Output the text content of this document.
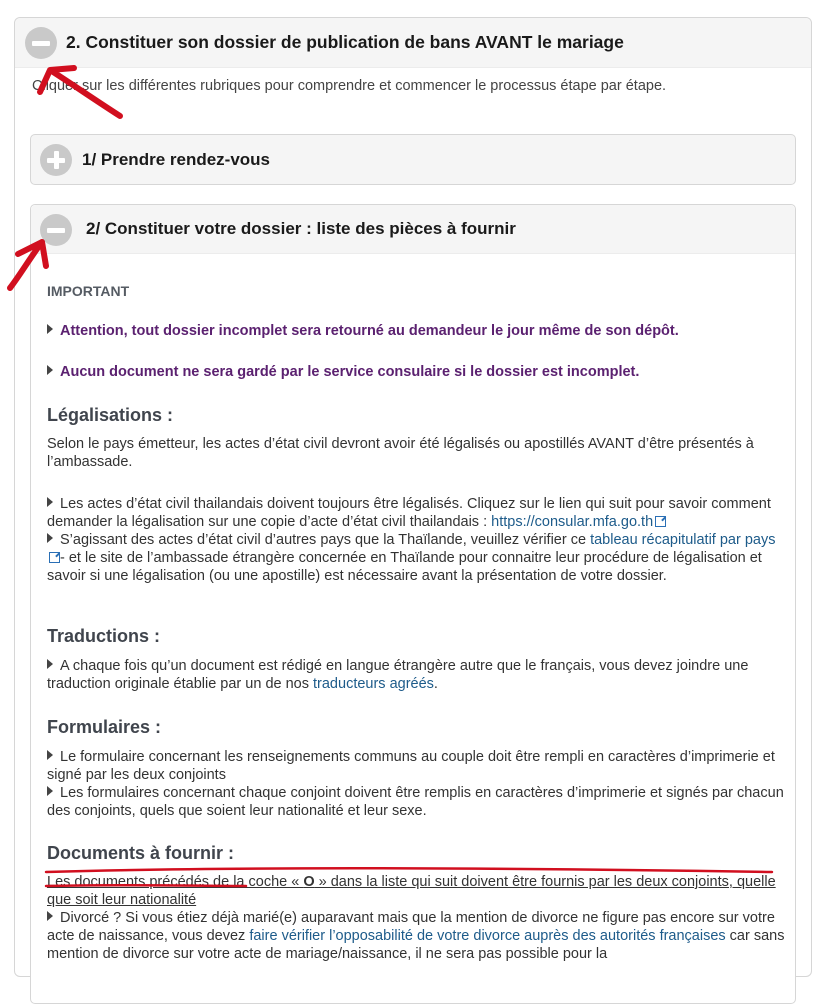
2. Constituer son dossier de publication de bans AVANT le mariage
Cliquer sur les différentes rubriques pour comprendre et commencer le processus étape par étape.
1/ Prendre rendez-vous
2/ Constituer votre dossier : liste des pièces à fournir
IMPORTANT
Attention, tout dossier incomplet sera retourné au demandeur le jour même de son dépôt.
Aucun document ne sera gardé par le service consulaire si le dossier est incomplet.
Légalisations :
Selon le pays émetteur, les actes d’état civil devront avoir été légalisés ou apostillés AVANT d’être présentés à l’ambassade.
Les actes d’état civil thailandais doivent toujours être légalisés. Cliquez sur le lien qui suit pour savoir comment demander la légalisation sur une copie d’acte d’état civil thailandais : https://consular.mfa.go.th
S’agissant des actes d’état civil d’autres pays que la Thaïlande, veuillez vérifier ce tableau récapitulatif par pays- et le site de l’ambassade étrangère concernée en Thaïlande pour connaitre leur procédure de légalisation et savoir si une légalisation (ou une apostille) est nécessaire avant la présentation de votre dossier.
Traductions :
A chaque fois qu’un document est rédigé en langue étrangère autre que le français, vous devez joindre une traduction originale établie par un de nos traducteurs agréés.
Formulaires :
Le formulaire concernant les renseignements communs au couple doit être rempli en caractères d’imprimerie et signé par les deux conjoints
Les formulaires concernant chaque conjoint doivent être remplis en caractères d’imprimerie et signés par chacun des conjoints, quels que soient leur nationalité et leur sexe.
Documents à fournir :
Les documents précédés de la coche « O » dans la liste qui suit doivent être fournis par les deux conjoints, quelle que soit leur nationalité
Divorcé ? Si vous étiez déjà marié(e) auparavant mais que la mention de divorce ne figure pas encore sur votre acte de naissance, vous devez faire vérifier l’opposabilité de votre divorce auprès des autorités françaises car sans mention de divorce sur votre acte de mariage/naissance, il ne sera pas possible pour la
